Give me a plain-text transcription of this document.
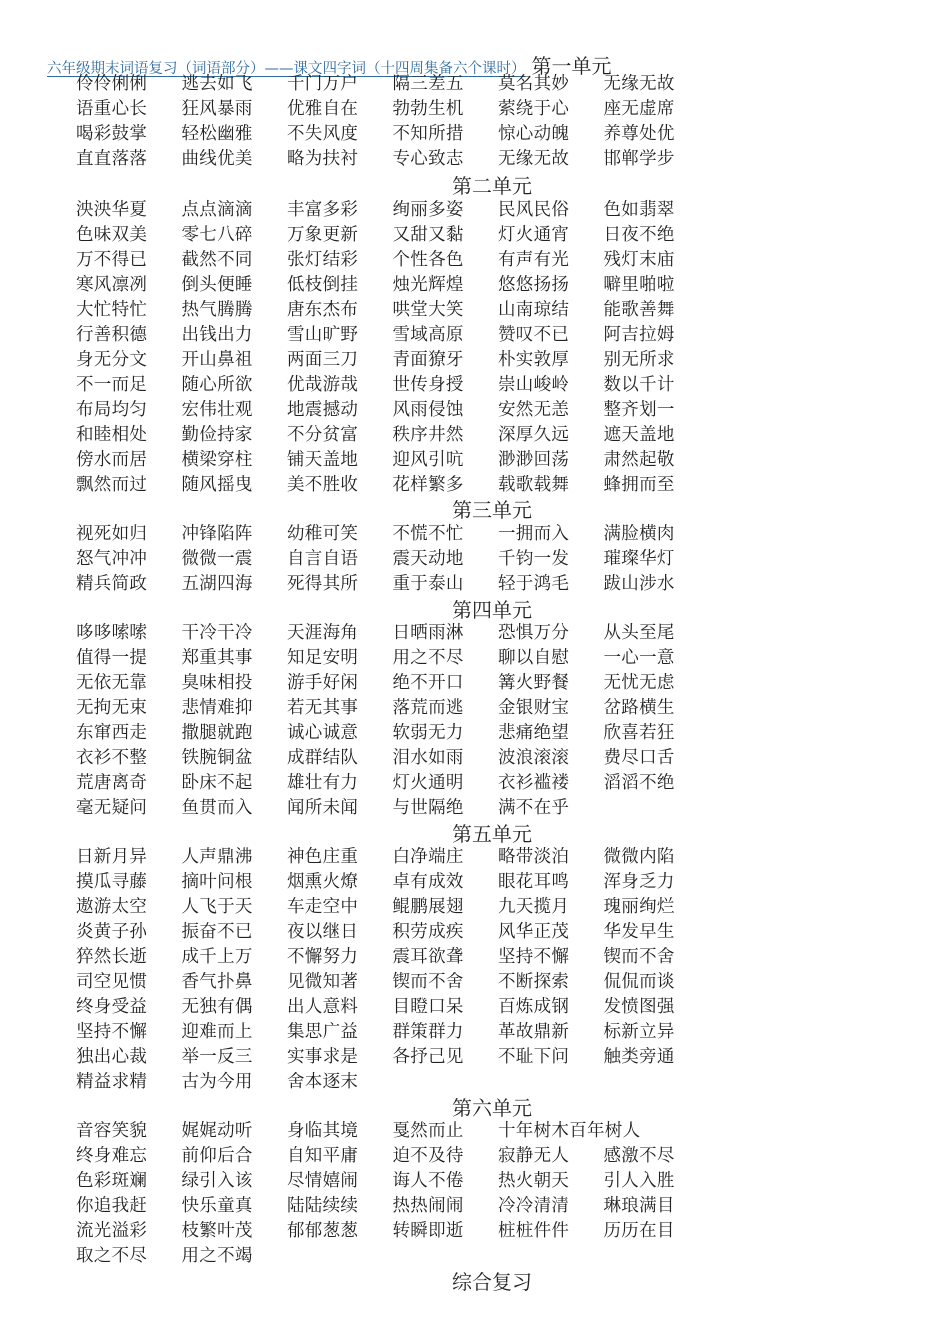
六年级期末词语复习（词语部分）——课文四字词（十四周集备六个课时） 第一单元
伶伶俐俐	逃去如飞	千门万户	隔三差五	莫名其妙	无缘无故
语重心长	狂风暴雨	优雅自在	勃勃生机	萦绕于心	座无虚席
喝彩鼓掌	轻松幽雅	不失风度	不知所措	惊心动魄	养尊处优
直直落落	曲线优美	略为扶衬	专心致志	无缘无故	邯郸学步
第二单元
泱泱华夏	点点滴滴	丰富多彩	绚丽多姿	民风民俗	色如翡翠
色味双美	零七八碎	万象更新	又甜又黏	灯火通宵	日夜不绝
万不得已	截然不同	张灯结彩	个性各色	有声有光	残灯末庙
寒风凛冽	倒头便睡	低枝倒挂	烛光辉煌	悠悠扬扬	噼里啪啦
大忙特忙	热气腾腾	唐东杰布	哄堂大笑	山南琼结	能歌善舞
行善积德	出钱出力	雪山旷野	雪域高原	赞叹不已	阿吉拉姆
身无分文	开山鼻祖	两面三刀	青面獠牙	朴实敦厚	别无所求
不一而足	随心所欲	优哉游哉	世传身授	崇山峻岭	数以千计
布局均匀	宏伟壮观	地震撼动	风雨侵蚀	安然无恙	整齐划一
和睦相处	勤俭持家	不分贫富	秩序井然	深厚久远	遮天盖地
傍水而居	横梁穿柱	铺天盖地	迎风引吭	渺渺回荡	肃然起敬
飘然而过	随风摇曳	美不胜收	花样繁多	载歌载舞	蜂拥而至
第三单元
视死如归	冲锋陷阵	幼稚可笑	不慌不忙	一拥而入	满脸横肉
怒气冲冲	微微一震	自言自语	震天动地	千钧一发	璀璨华灯
精兵简政	五湖四海	死得其所	重于泰山	轻于鸿毛	跋山涉水
第四单元
哆哆嗦嗦	干冷干冷	天涯海角	日晒雨淋	恐惧万分	从头至尾
值得一提	郑重其事	知足安明	用之不尽	聊以自慰	一心一意
无依无靠	臭味相投	游手好闲	绝不开口	篝火野餐	无忧无虑
无拘无束	悲情难抑	若无其事	落荒而逃	金银财宝	岔路横生
东窜西走	撒腿就跑	诚心诚意	软弱无力	悲痛绝望	欣喜若狂
衣衫不整	铁腕铜盆	成群结队	泪水如雨	波浪滚滚	费尽口舌
荒唐离奇	卧床不起	雄壮有力	灯火通明	衣衫褴褛	滔滔不绝
毫无疑问	鱼贯而入	闻所未闻	与世隔绝	满不在乎
第五单元
日新月异	人声鼎沸	神色庄重	白净端庄	略带淡泊	微微内陷
摸瓜寻藤	摘叶问根	烟熏火燎	卓有成效	眼花耳鸣	浑身乏力
遨游太空	人飞于天	车走空中	鲲鹏展翅	九天揽月	瑰丽绚烂
炎黄子孙	振奋不已	夜以继日	积劳成疾	风华正茂	华发早生
猝然长逝	成千上万	不懈努力	震耳欲聋	坚持不懈	锲而不舍
司空见惯	香气扑鼻	见微知著	锲而不舍	不断探索	侃侃而谈
终身受益	无独有偶	出人意料	目瞪口呆	百炼成钢	发愤图强
坚持不懈	迎难而上	集思广益	群策群力	革故鼎新	标新立异
独出心裁	举一反三	实事求是	各抒己见	不耻下问	触类旁通
精益求精	古为今用	舍本逐末
第六单元
音容笑貌	娓娓动听	身临其境	戛然而止	十年树木百年树人
终身难忘	前仰后合	自知平庸	迫不及待	寂静无人	感激不尽
色彩斑斓	绿引入该	尽情嬉闹	诲人不倦	热火朝天	引人入胜
你追我赶	快乐童真	陆陆续续	热热闹闹	冷冷清清	琳琅满目
流光溢彩	枝繁叶茂	郁郁葱葱	转瞬即逝	桩桩件件	历历在目
取之不尽	用之不竭
综合复习
